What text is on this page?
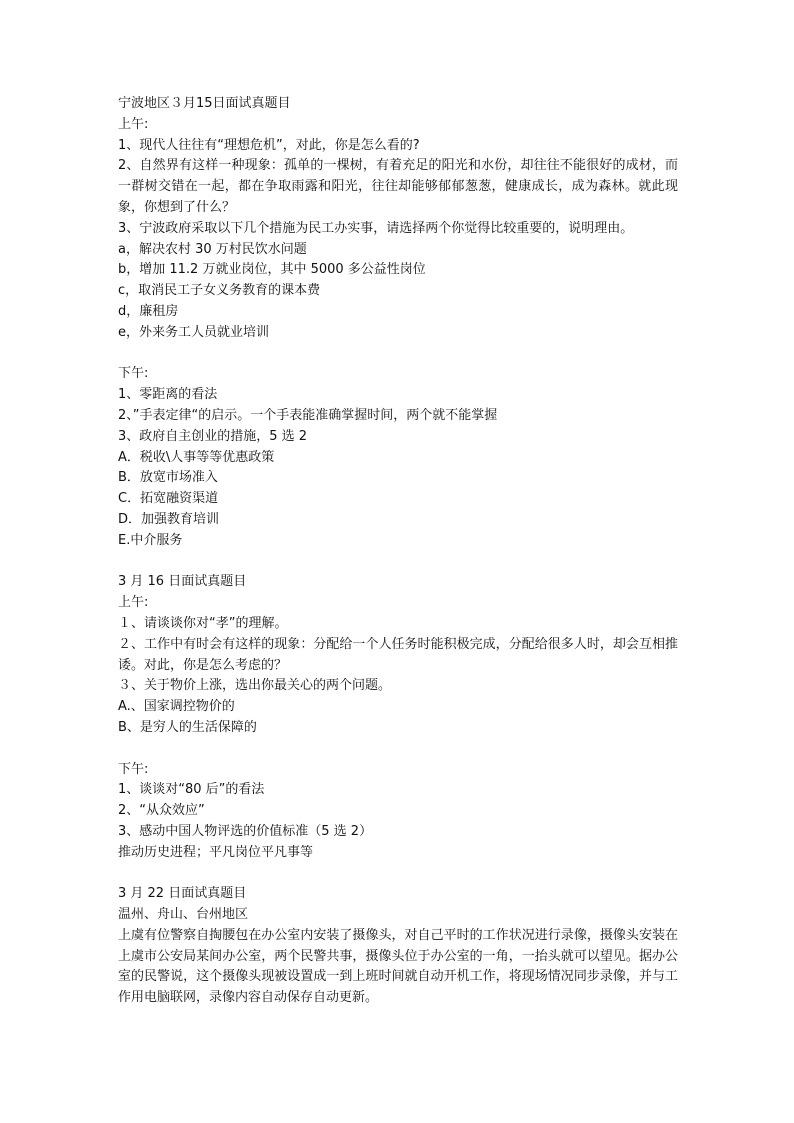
宁波地区３月15日面试真题目
上午:
1、现代人往往有“理想危机”，对此，你是怎么看的?
2、自然界有这样一种现象：孤单的一棵树，有着充足的阳光和水份，却往往不能很好的成材，而一群树交错在一起，都在争取雨露和阳光，往往却能够郁郁葱葱，健康成长，成为森林。就此现象，你想到了什么？
3、宁波政府采取以下几个措施为民工办实事，请选择两个你觉得比较重要的，说明理由。
a，解决农村 30 万村民饮水问题
b，增加 11.2 万就业岗位，其中 5000 多公益性岗位
c，取消民工子女义务教育的课本费
d，廉租房
e，外来务工人员就业培训
下午:
1、零距离的看法
2、”手表定律“的启示。一个手表能准确掌握时间，两个就不能掌握
3、政府自主创业的措施，5 选 2
A．税收\人事等等优惠政策
B．放宽市场准入
C．拓宽融资渠道
D．加强教育培训
E.中介服务
3 月 16 日面试真题目
上午:
１、请谈谈你对“孝”的理解。
２、工作中有时会有这样的现象：分配给一个人任务时能积极完成，分配给很多人时，却会互相推诿。对此，你是怎么考虑的？
３、关于物价上涨，选出你最关心的两个问题。
A.、国家调控物价的
B、是穷人的生活保障的
下午:
1、谈谈对“80 后”的看法
2、“从众效应”
3、感动中国人物评选的价值标准（5 选 2）
推动历史进程；平凡岗位平凡事等
3 月 22 日面试真题目
温州、舟山、台州地区
上虞有位警察自掏腰包在办公室内安装了摄像头，对自己平时的工作状况进行录像，摄像头安装在上虞市公安局某间办公室，两个民警共事，摄像头位于办公室的一角，一抬头就可以望见。据办公室的民警说，这个摄像头现被设置成一到上班时间就自动开机工作，将现场情况同步录像，并与工作用电脑联网，录像内容自动保存自动更新。
